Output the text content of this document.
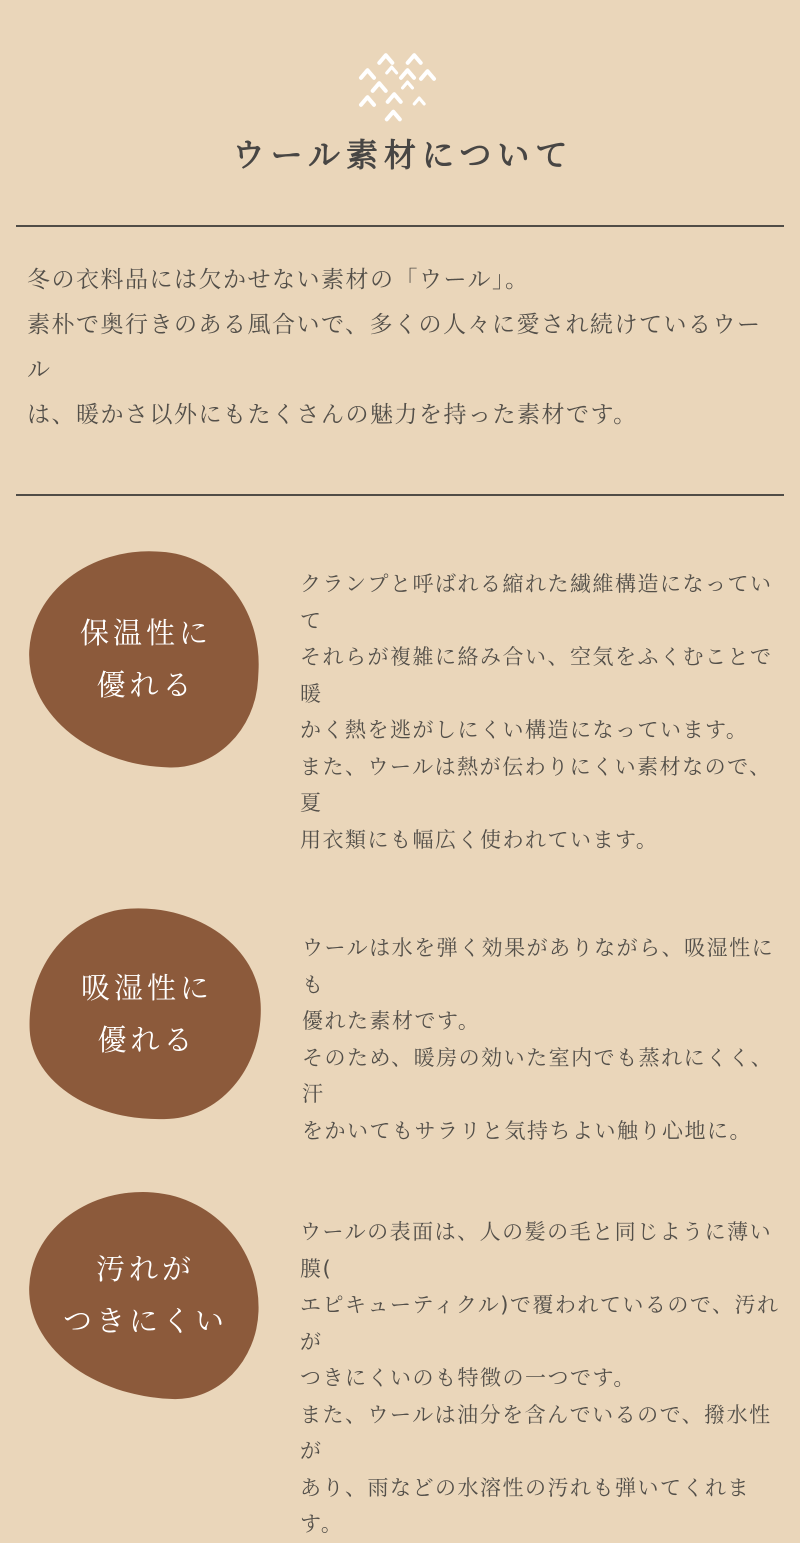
ウール素材について
冬の衣料品には欠かせない素材の「ウール」。
素朴で奥行きのある風合いで、多くの人々に愛され続けているウール
は、暖かさ以外にもたくさんの魅力を持った素材です。
保温性に
優れる
クランプと呼ばれる縮れた繊維構造になっていて
それらが複雑に絡み合い、空気をふくむことで暖
かく熱を逃がしにくい構造になっています。
また、ウールは熱が伝わりにくい素材なので、夏
用衣類にも幅広く使われています。
吸湿性に
優れる
ウールは水を弾く効果がありながら、吸湿性にも
優れた素材です。
そのため、暖房の効いた室内でも蒸れにくく、汗
をかいてもサラリと気持ちよい触り心地に。
汚れが
つきにくい
ウールの表面は、人の髪の毛と同じように薄い膜(
エピキューティクル)で覆われているので、汚れが
つきにくいのも特徴の一つです。
また、ウールは油分を含んでいるので、撥水性が
あり、雨などの水溶性の汚れも弾いてくれます。
